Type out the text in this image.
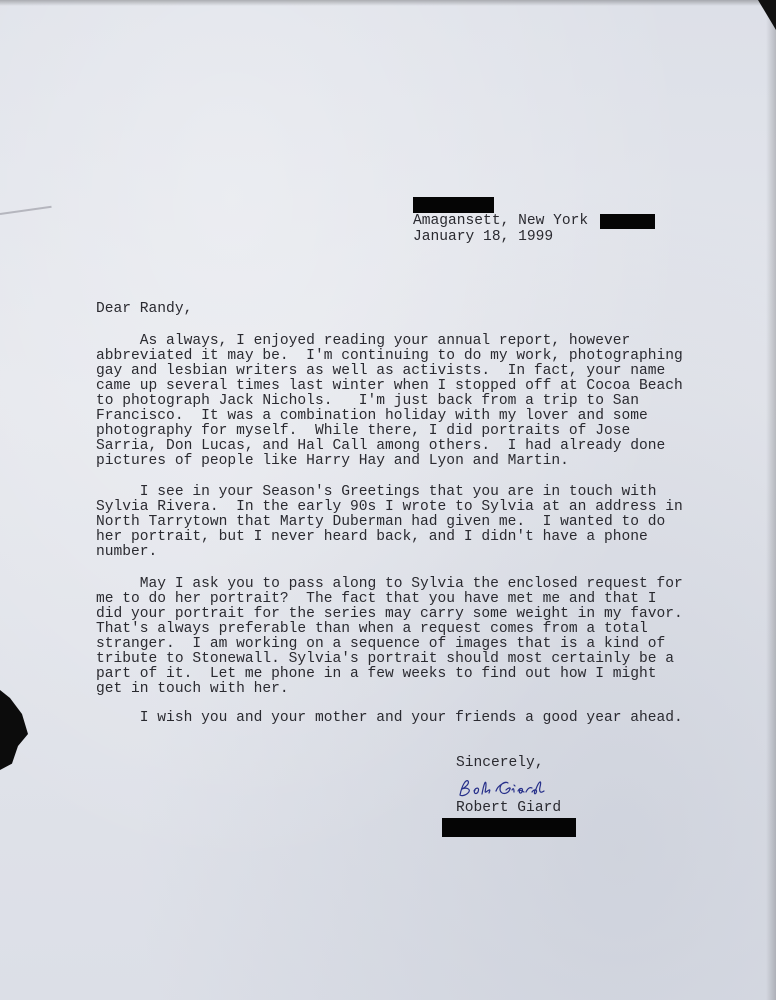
Amagansett, New York
January 18, 1999
Dear Randy,
As always, I enjoyed reading your annual report, however
abbreviated it may be.  I'm continuing to do my work, photographing
gay and lesbian writers as well as activists.  In fact, your name
came up several times last winter when I stopped off at Cocoa Beach
to photograph Jack Nichols.   I'm just back from a trip to San
Francisco.  It was a combination holiday with my lover and some
photography for myself.  While there, I did portraits of Jose
Sarria, Don Lucas, and Hal Call among others.  I had already done
pictures of people like Harry Hay and Lyon and Martin.
I see in your Season's Greetings that you are in touch with
Sylvia Rivera.  In the early 90s I wrote to Sylvia at an address in
North Tarrytown that Marty Duberman had given me.  I wanted to do
her portrait, but I never heard back, and I didn't have a phone
number.
May I ask you to pass along to Sylvia the enclosed request for
me to do her portrait?  The fact that you have met me and that I
did your portrait for the series may carry some weight in my favor.
That's always preferable than when a request comes from a total
stranger.  I am working on a sequence of images that is a kind of
tribute to Stonewall. Sylvia's portrait should most certainly be a
part of it.  Let me phone in a few weeks to find out how I might
get in touch with her.
I wish you and your mother and your friends a good year ahead.
Sincerely,
Robert Giard
